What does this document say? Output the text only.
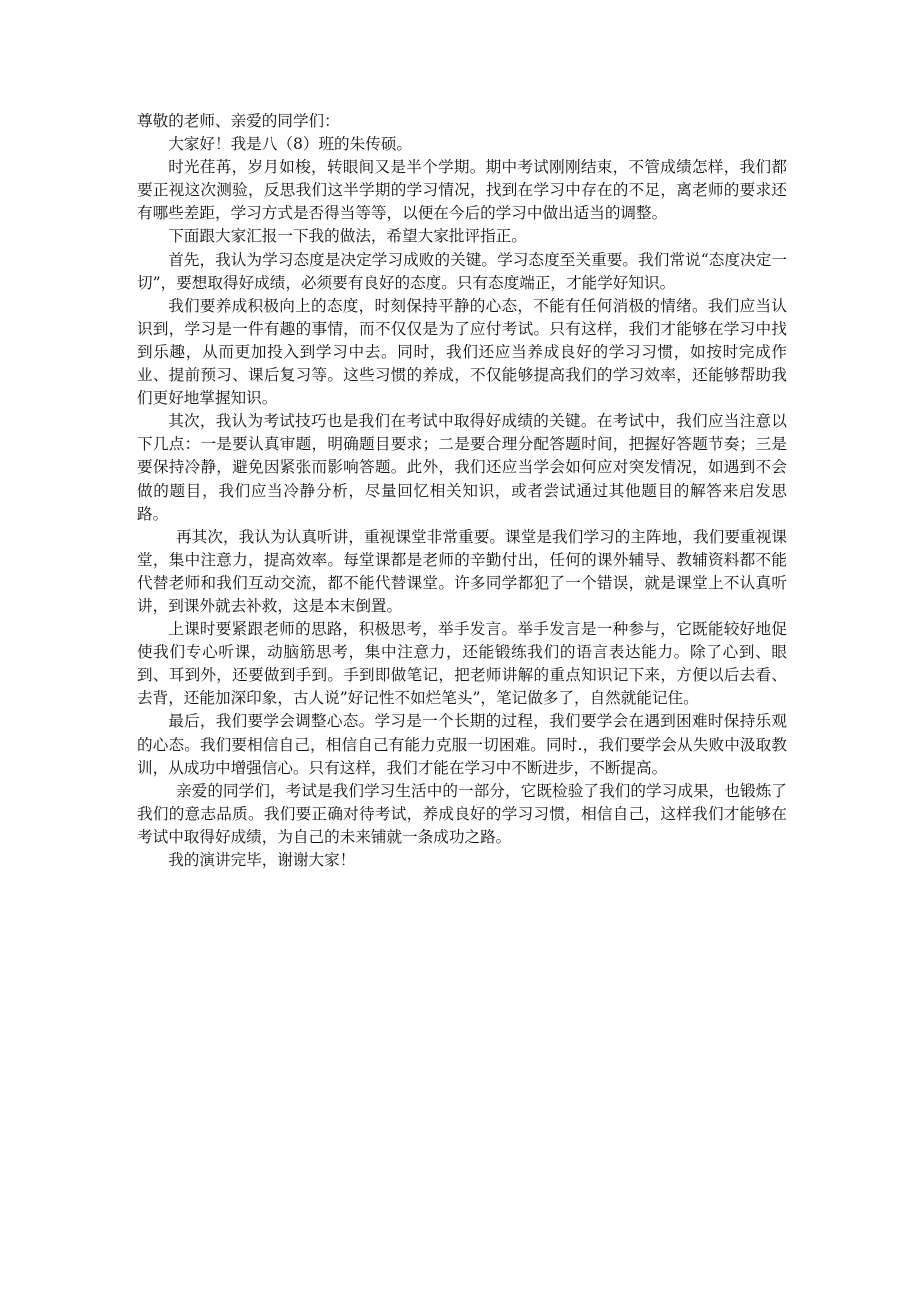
尊敬的老师、亲爱的同学们：

大家好！我是八（8）班的朱传硕。

时光荏苒，岁月如梭，转眼间又是半个学期。期中考试刚刚结束，不管成绩怎样，我们都要正视这次测验，反思我们这半学期的学习情况，找到在学习中存在的不足，离老师的要求还有哪些差距，学习方式是否得当等等，以便在今后的学习中做出适当的调整。

下面跟大家汇报一下我的做法，希望大家批评指正。

首先，我认为学习态度是决定学习成败的关键。学习态度至关重要。我们常说“态度决定一切”，要想取得好成绩，必须要有良好的态度。只有态度端正，才能学好知识。

我们要养成积极向上的态度，时刻保持平静的心态，不能有任何消极的情绪。我们应当认识到，学习是一件有趣的事情，而不仅仅是为了应付考试。只有这样，我们才能够在学习中找到乐趣，从而更加投入到学习中去。同时，我们还应当养成良好的学习习惯，如按时完成作业、提前预习、课后复习等。这些习惯的养成，不仅能够提高我们的学习效率，还能够帮助我们更好地掌握知识。

其次，我认为考试技巧也是我们在考试中取得好成绩的关键。在考试中，我们应当注意以下几点：一是要认真审题，明确题目要求；二是要合理分配答题时间，把握好答题节奏；三是要保持冷静，避免因紧张而影响答题。此外，我们还应当学会如何应对突发情况，如遇到不会做的题目，我们应当冷静分析，尽量回忆相关知识，或者尝试通过其他题目的解答来启发思路。

再其次，我认为认真听讲，重视课堂非常重要。课堂是我们学习的主阵地，我们要重视课堂，集中注意力，提高效率。每堂课都是老师的辛勤付出，任何的课外辅导、教辅资料都不能代替老师和我们互动交流，都不能代替课堂。许多同学都犯了一个错误，就是课堂上不认真听讲，到课外就去补救，这是本末倒置。

上课时要紧跟老师的思路，积极思考，举手发言。举手发言是一种参与，它既能较好地促使我们专心听课，动脑筋思考，集中注意力，还能锻练我们的语言表达能力。除了心到、眼到、耳到外，还要做到手到。手到即做笔记，把老师讲解的重点知识记下来，方便以后去看、去背，还能加深印象，古人说”好记性不如烂笔头”，笔记做多了，自然就能记住。

最后，我们要学会调整心态。学习是一个长期的过程，我们要学会在遇到困难时保持乐观的心态。我们要相信自己，相信自己有能力克服一切困难。同时.，我们要学会从失败中汲取教训，从成功中增强信心。只有这样，我们才能在学习中不断进步，不断提高。

亲爱的同学们，考试是我们学习生活中的一部分，它既检验了我们的学习成果，也锻炼了我们的意志品质。我们要正确对待考试，养成良好的学习习惯，相信自己，这样我们才能够在考试中取得好成绩，为自己的未来铺就一条成功之路。

我的演讲完毕，谢谢大家！
